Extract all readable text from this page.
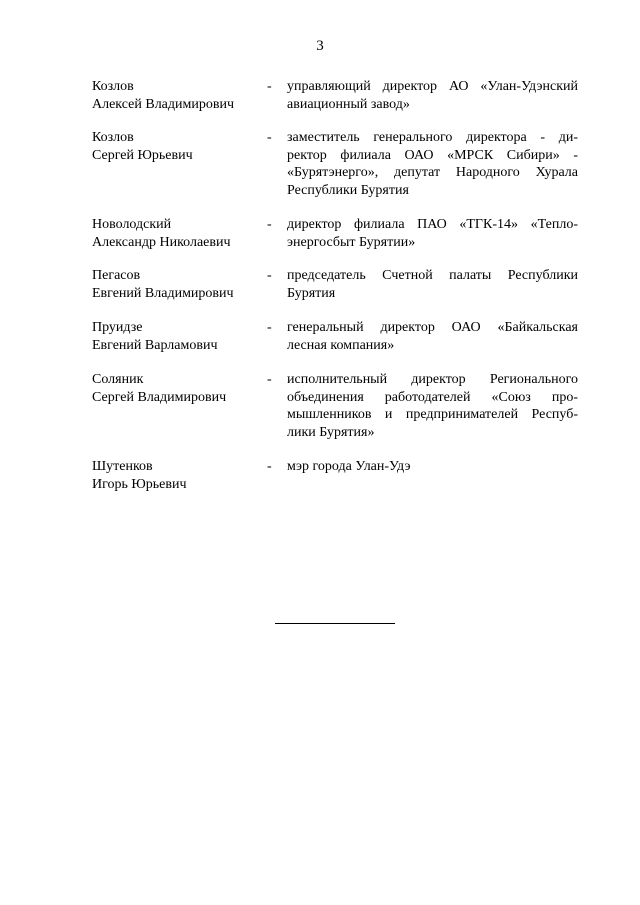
3
Козлов
Алексей Владимирович
- управляющий директор АО «Улан-Удэнский
авиационный завод»
Козлов
Сергей Юрьевич
- заместитель генерального директора - ди-
ректор филиала ОАО «МРСК Сибири» -
«Бурятэнерго», депутат Народного Хурала
Республики Бурятия
Новолодский
Александр Николаевич
- директор филиала ПАО «ТГК-14» «Тепло-
энергосбыт Бурятии»
Пегасов
Евгений Владимирович
- председатель Счетной палаты Республики
Бурятия
Пруидзе
Евгений Варламович
- генеральный директор ОАО «Байкальская
лесная компания»
Соляник
Сергей Владимирович
- исполнительный директор Регионального
объединения работодателей «Союз про-
мышленников и предпринимателей Респуб-
лики Бурятия»
Шутенков
Игорь Юрьевич
- мэр города Улан-Удэ
